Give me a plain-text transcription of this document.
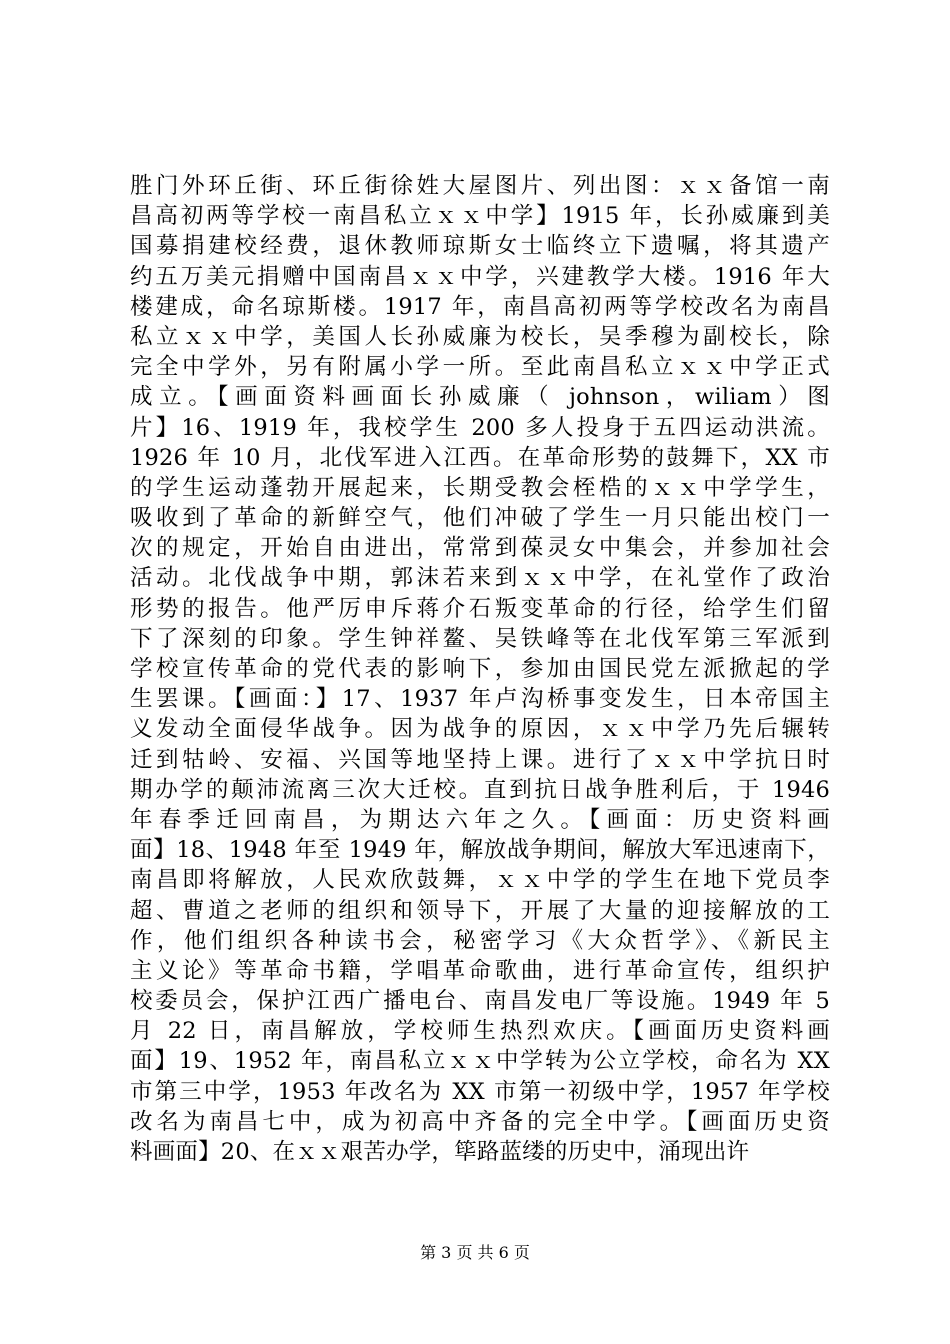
胜门外环丘街、环丘街徐姓大屋图片、列出图：ｘｘ备馆一南
昌高初两等学校一南昌私立ｘｘ中学】1915 年，长孙威廉到美
国募捐建校经费，退休教师琼斯女士临终立下遗嘱，将其遗产
约五万美元捐赠中国南昌ｘｘ中学，兴建教学大楼。1916 年大
楼建成，命名琼斯楼。1917 年，南昌高初两等学校改名为南昌
私立ｘｘ中学，美国人长孙威廉为校长，吴季穆为副校长，除
完全中学外，另有附属小学一所。至此南昌私立ｘｘ中学正式
成立。【画面资料画面长孙威廉（ johnson，wiliam）图
片】16、1919 年，我校学生 200 多人投身于五四运动洪流。
1926 年 10 月，北伐军进入江西。在革命形势的鼓舞下，XX 市
的学生运动蓬勃开展起来，长期受教会桎梏的ｘｘ中学学生，
吸收到了革命的新鲜空气，他们冲破了学生一月只能出校门一
次的规定，开始自由进出，常常到葆灵女中集会，并参加社会
活动。北伐战争中期，郭沫若来到ｘｘ中学，在礼堂作了政治
形势的报告。他严厉申斥蒋介石叛变革命的行径，给学生们留
下了深刻的印象。学生钟祥鳌、吴铁峰等在北伐军第三军派到
学校宣传革命的党代表的影响下，参加由国民党左派掀起的学
生罢课。【画面：】17、1937 年卢沟桥事变发生，日本帝国主
义发动全面侵华战争。因为战争的原因，ｘｘ中学乃先后辗转
迁到牯岭、安福、兴国等地坚持上课。进行了ｘｘ中学抗日时
期办学的颠沛流离三次大迁校。直到抗日战争胜利后，于 1946
年春季迁回南昌，为期达六年之久。【画面：历史资料画
面】18、1948 年至 1949 年，解放战争期间，解放大军迅速南下，
南昌即将解放，人民欢欣鼓舞，ｘｘ中学的学生在地下党员李
超、曹道之老师的组织和领导下，开展了大量的迎接解放的工
作，他们组织各种读书会，秘密学习《大众哲学》、《新民主
主义论》等革命书籍，学唱革命歌曲，进行革命宣传，组织护
校委员会，保护江西广播电台、南昌发电厂等设施。1949 年 5
月 22 日，南昌解放，学校师生热烈欢庆。【画面历史资料画
面】19、1952 年，南昌私立ｘｘ中学转为公立学校，命名为 XX
市第三中学，1953 年改名为 XX 市第一初级中学，1957 年学校
改名为南昌七中，成为初高中齐备的完全中学。【画面历史资
料画面】20、在ｘｘ艰苦办学，筚路蓝缕的历史中，涌现出许
第 3 页 共 6 页
